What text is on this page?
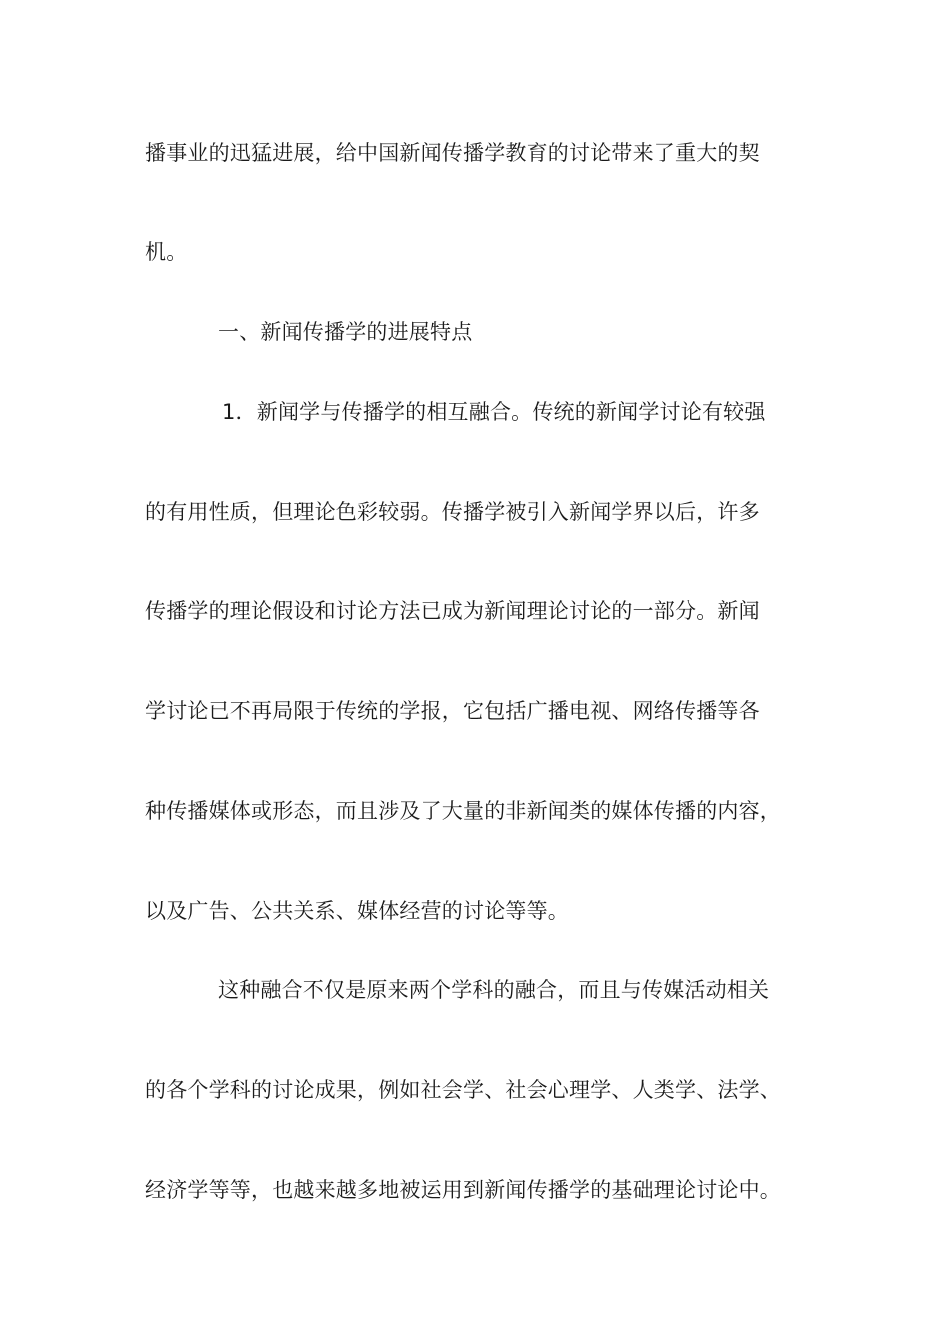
播事业的迅猛进展，给中国新闻传播学教育的讨论带来了重大的契
机。
一、新闻传播学的进展特点
1．新闻学与传播学的相互融合。传统的新闻学讨论有较强
的有用性质，但理论色彩较弱。传播学被引入新闻学界以后，许多
传播学的理论假设和讨论方法已成为新闻理论讨论的一部分。新闻
学讨论已不再局限于传统的学报，它包括广播电视、网络传播等各
种传播媒体或形态，而且涉及了大量的非新闻类的媒体传播的内容，
以及广告、公共关系、媒体经营的讨论等等。
这种融合不仅是原来两个学科的融合，而且与传媒活动相关
的各个学科的讨论成果，例如社会学、社会心理学、人类学、法学、
经济学等等，也越来越多地被运用到新闻传播学的基础理论讨论中。
